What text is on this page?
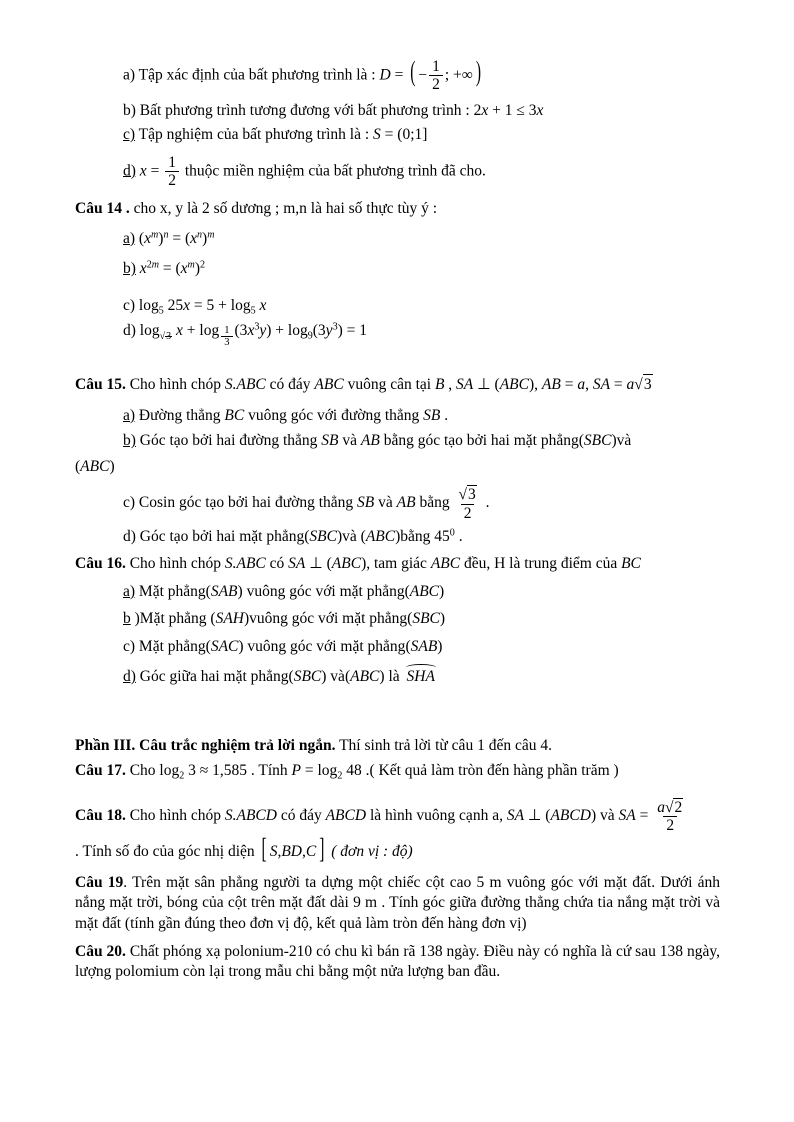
a) Tập xác định của bất phương trình là : D = ( − $\frac{1}{2}$ ; +∞ )
b) Bất phương trình tương đương với bất phương trình : 2x + 1 ≤ 3x
c) Tập nghiệm của bất phương trình là : S = (0;1]
d) $x = \frac{1}{2}$ thuộc miền nghiệm của bất phương trình đã cho.
Câu 14 . cho x, y là 2 số dương ; m,n là hai số thực tùy ý :
a) $(x^m)^n = (x^n)^m$
b) $x^{2m} = (x^m)^2$
c) $\log_5 25x = 5 + \log_5 x$
d) $\log_{√3} x + \log _{\frac{1}{3}}$ $(3x^3y) + \log_9(3y^3) = 1$
Câu 15. Cho hình chóp S.ABC có đáy ABC vuông cân tại B , SA ⊥ (ABC), AB = a, SA = a√3
a) Đường thẳng BC vuông góc với đường thẳng SB .
b) Góc tạo bởi hai đường thẳng SB và AB bằng góc tạo bởi hai mặt phẳng(SBC)và
(ABC)
c) Cosin góc tạo bởi hai đường thẳng SB và AB bằng $\frac{√3}{2}$ .
d) Góc tạo bởi hai mặt phẳng(SBC)và (ABC)bằng $45^0$ .
Câu 16. Cho hình chóp S.ABC có SA ⊥ (ABC), tam giác ABC đều, H là trung điểm của BC
a) Mặt phẳng(SAB) vuông góc với mặt phẳng(ABC)
b )Mặt phẳng (SAH)vuông góc với mặt phẳng(SBC)
c) Mặt phẳng(SAC) vuông góc với mặt phẳng(SAB)
d) Góc giữa hai mặt phẳng(SBC) và(ABC) là SHA
Phần III. Câu trắc nghiệm trả lời ngắn. Thí sinh trả lời từ câu 1 đến câu 4.
Câu 17. Cho $\log_2 3 \approx 1,585$ . Tính $P = \log_2 48$ .( Kết quả làm tròn đến hàng phần trăm )
Câu 18. Cho hình chóp S.ABCD có đáy ABCD là hình vuông cạnh a, SA ⊥ (ABCD) và SA = $\frac{a√2}{2}$
. Tính số đo của góc nhị diện [ S,BD,C ] ( đơn vị : độ)
Câu 19. Trên mặt sân phẳng người ta dựng một chiếc cột cao 5 m vuông góc với mặt đất. Dưới ánh nắng mặt trời, bóng của cột trên mặt đất dài 9 m . Tính góc giữa đường thẳng chứa tia nắng mặt trời và mặt đất (tính gần đúng theo đơn vị độ, kết quả làm tròn đến hàng đơn vị)
Câu 20. Chất phóng xạ polonium-210 có chu kì bán rã 138 ngày. Điều này có nghĩa là cứ sau 138 ngày, lượng polomium còn lại trong mẫu chi bằng một nửa lượng ban đầu.
